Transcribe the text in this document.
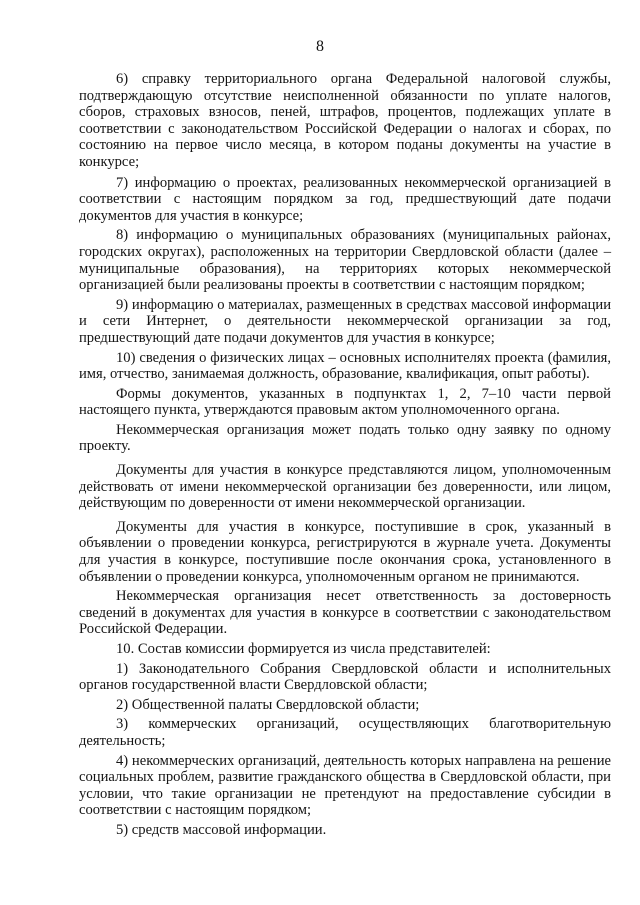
8

6) справку территориального органа Федеральной налоговой службы, подтверждающую отсутствие неисполненной обязанности по уплате налогов, сборов, страховых взносов, пеней, штрафов, процентов, подлежащих уплате в соответствии с законодательством Российской Федерации о налогах и сборах, по состоянию на первое число месяца, в котором поданы документы на участие в конкурсе;

7) информацию о проектах, реализованных некоммерческой организацией в соответствии с настоящим порядком за год, предшествующий дате подачи документов для участия в конкурсе;

8) информацию о муниципальных образованиях (муниципальных районах, городских округах), расположенных на территории Свердловской области (далее – муниципальные образования), на территориях которых некоммерческой организацией были реализованы проекты в соответствии с настоящим порядком;

9) информацию о материалах, размещенных в средствах массовой информации и сети Интернет, о деятельности некоммерческой организации за год, предшествующий дате подачи документов для участия в конкурсе;

10) сведения о физических лицах – основных исполнителях проекта (фамилия, имя, отчество, занимаемая должность, образование, квалификация, опыт работы).

Формы документов, указанных в подпунктах 1, 2, 7–10 части первой настоящего пункта, утверждаются правовым актом уполномоченного органа.

Некоммерческая организация может подать только одну заявку по одному проекту.

Документы для участия в конкурсе представляются лицом, уполномоченным действовать от имени некоммерческой организации без доверенности, или лицом, действующим по доверенности от имени некоммерческой организации.

Документы для участия в конкурсе, поступившие в срок, указанный в объявлении о проведении конкурса, регистрируются в журнале учета. Документы для участия в конкурсе, поступившие после окончания срока, установленного в объявлении о проведении конкурса, уполномоченным органом не принимаются.

Некоммерческая организация несет ответственность за достоверность сведений в документах для участия в конкурсе в соответствии с законодательством Российской Федерации.

10. Состав комиссии формируется из числа представителей:

1) Законодательного Собрания Свердловской области и исполнительных органов государственной власти Свердловской области;

2) Общественной палаты Свердловской области;

3) коммерческих организаций, осуществляющих благотворительную деятельность;

4) некоммерческих организаций, деятельность которых направлена на решение социальных проблем, развитие гражданского общества в Свердловской области, при условии, что такие организации не претендуют на предоставление субсидии в соответствии с настоящим порядком;

5) средств массовой информации.
